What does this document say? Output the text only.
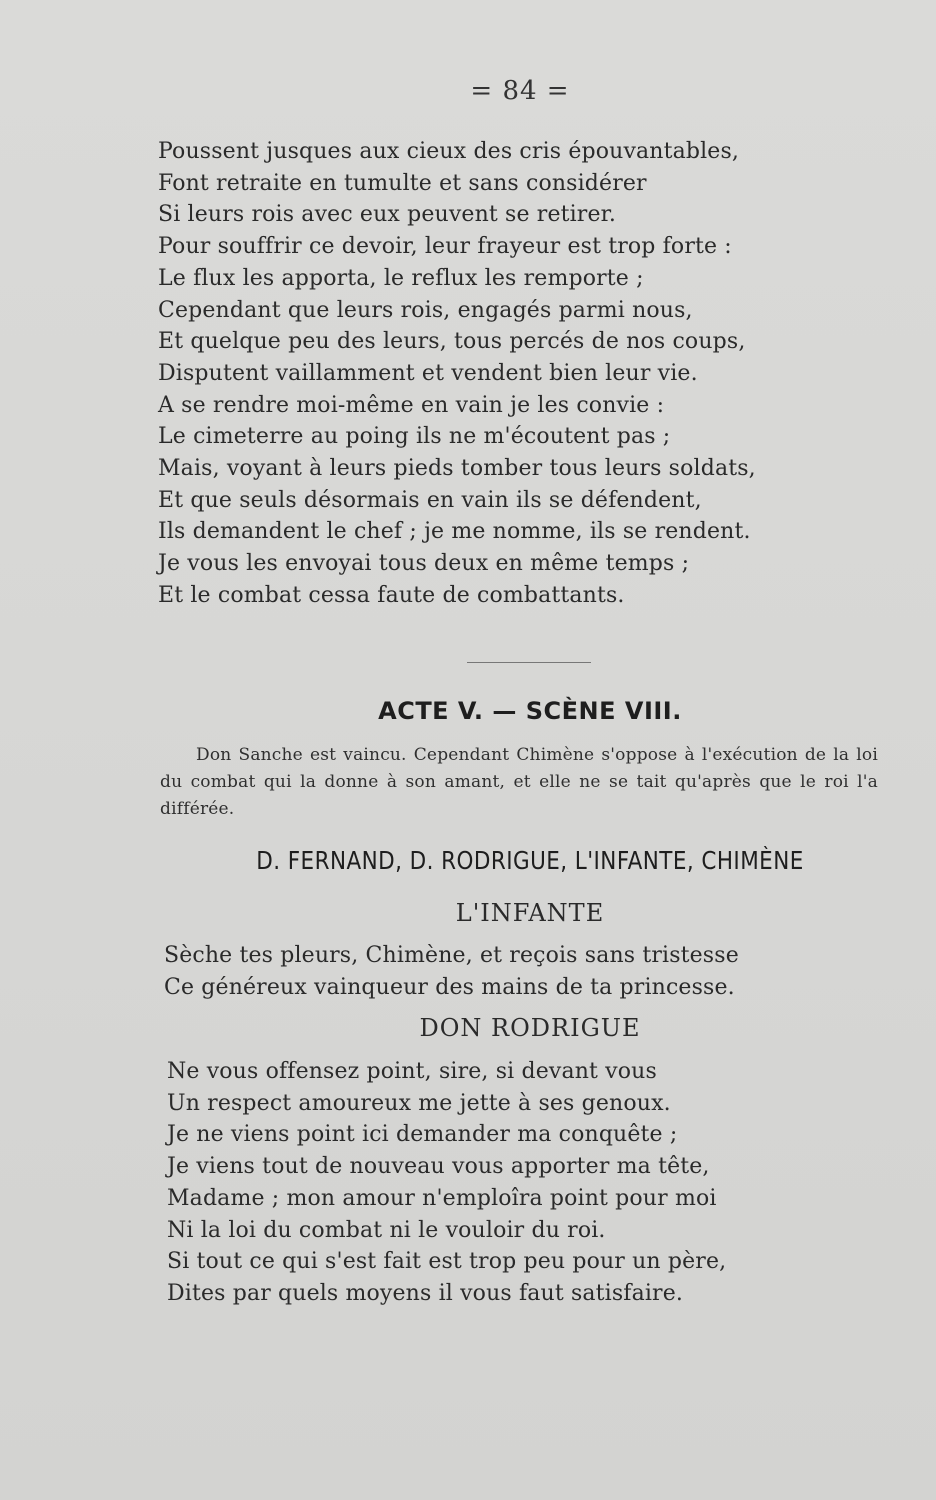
= 84 =
Poussent jusques aux cieux des cris épouvantables,
Font retraite en tumulte et sans considérer
Si leurs rois avec eux peuvent se retirer.
Pour souffrir ce devoir, leur frayeur est trop forte :
Le flux les apporta, le reflux les remporte ;
Cependant que leurs rois, engagés parmi nous,
Et quelque peu des leurs, tous percés de nos coups,
Disputent vaillamment et vendent bien leur vie.
A se rendre moi-même en vain je les convie :
Le cimeterre au poing ils ne m'écoutent pas ;
Mais, voyant à leurs pieds tomber tous leurs soldats,
Et que seuls désormais en vain ils se défendent,
Ils demandent le chef ; je me nomme, ils se rendent.
Je vous les envoyai tous deux en même temps ;
Et le combat cessa faute de combattants.
ACTE V. — SCÈNE VIII.
Don Sanche est vaincu. Cependant Chimène s'oppose à l'exécution de la loi du combat qui la donne à son amant, et elle ne se tait qu'après que le roi l'a différée.
D. FERNAND, D. RODRIGUE, L'INFANTE, CHIMÈNE
L'INFANTE
Sèche tes pleurs, Chimène, et reçois sans tristesse
Ce généreux vainqueur des mains de ta princesse.
DON RODRIGUE
Ne vous offensez point, sire, si devant vous
Un respect amoureux me jette à ses genoux.
Je ne viens point ici demander ma conquête ;
Je viens tout de nouveau vous apporter ma tête,
Madame ; mon amour n'emploîra point pour moi
Ni la loi du combat ni le vouloir du roi.
Si tout ce qui s'est fait est trop peu pour un père,
Dites par quels moyens il vous faut satisfaire.
